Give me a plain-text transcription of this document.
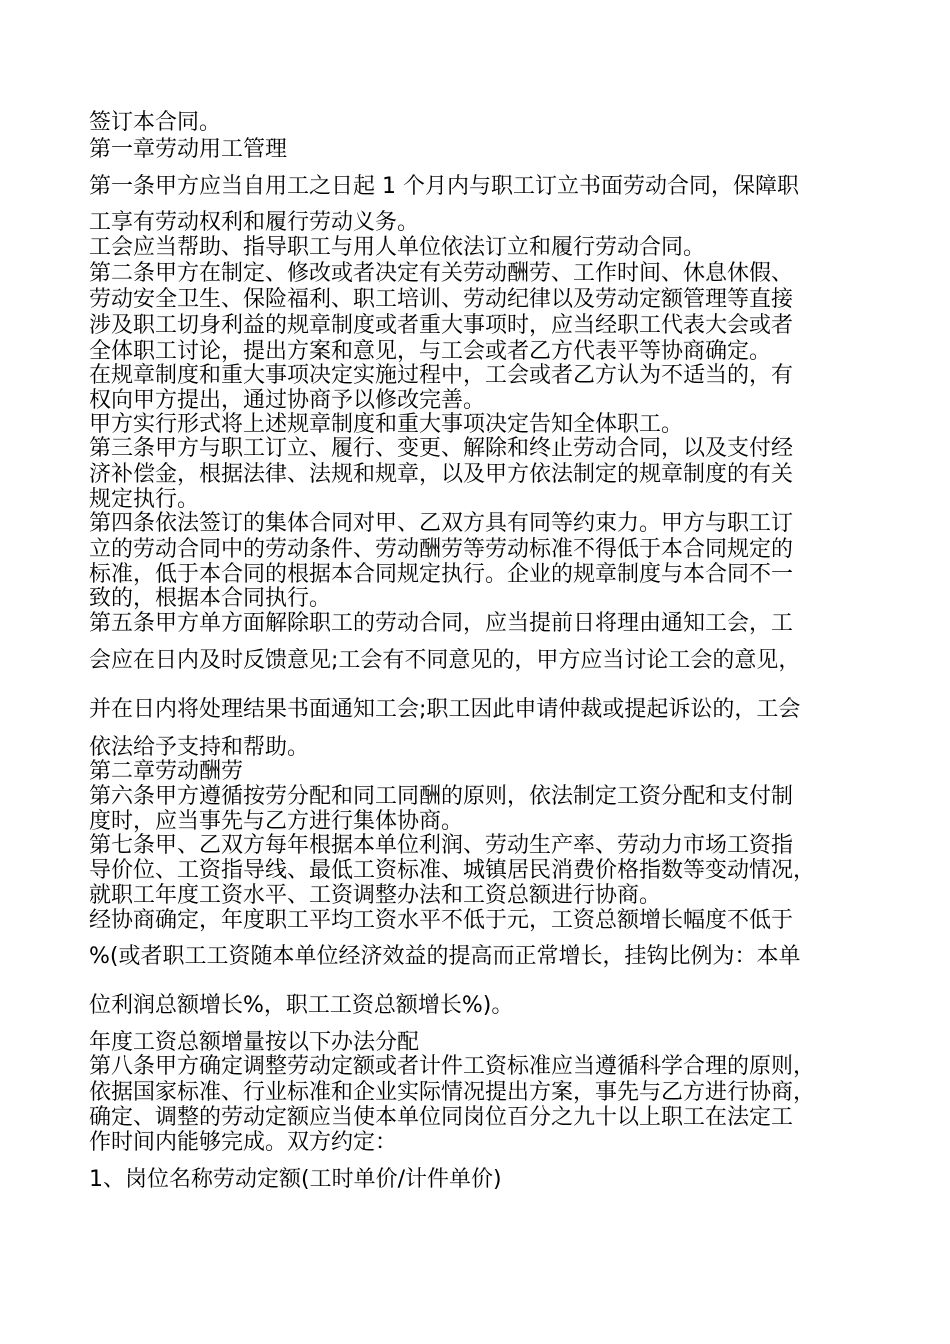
签订本合同。
第一章劳动用工管理
第一条甲方应当自用工之日起 1 个月内与职工订立书面劳动合同，保障职
工享有劳动权利和履行劳动义务。
工会应当帮助、指导职工与用人单位依法订立和履行劳动合同。
第二条甲方在制定、修改或者决定有关劳动酬劳、工作时间、休息休假、
劳动安全卫生、保险福利、职工培训、劳动纪律以及劳动定额管理等直接
涉及职工切身利益的规章制度或者重大事项时，应当经职工代表大会或者
全体职工讨论，提出方案和意见，与工会或者乙方代表平等协商确定。
在规章制度和重大事项决定实施过程中，工会或者乙方认为不适当的，有
权向甲方提出，通过协商予以修改完善。
甲方实行形式将上述规章制度和重大事项决定告知全体职工。
第三条甲方与职工订立、履行、变更、解除和终止劳动合同，以及支付经
济补偿金，根据法律、法规和规章，以及甲方依法制定的规章制度的有关
规定执行。
第四条依法签订的集体合同对甲、乙双方具有同等约束力。甲方与职工订
立的劳动合同中的劳动条件、劳动酬劳等劳动标准不得低于本合同规定的
标准，低于本合同的根据本合同规定执行。企业的规章制度与本合同不一
致的，根据本合同执行。
第五条甲方单方面解除职工的劳动合同，应当提前日将理由通知工会，工
会应在日内及时反馈意见;工会有不同意见的，甲方应当讨论工会的意见，
并在日内将处理结果书面通知工会;职工因此申请仲裁或提起诉讼的，工会
依法给予支持和帮助。
第二章劳动酬劳
第六条甲方遵循按劳分配和同工同酬的原则，依法制定工资分配和支付制
度时，应当事先与乙方进行集体协商。
第七条甲、乙双方每年根据本单位利润、劳动生产率、劳动力市场工资指
导价位、工资指导线、最低工资标准、城镇居民消费价格指数等变动情况，
就职工年度工资水平、工资调整办法和工资总额进行协商。
经协商确定，年度职工平均工资水平不低于元，工资总额增长幅度不低于
%(或者职工工资随本单位经济效益的提高而正常增长，挂钩比例为：本单
位利润总额增长%，职工工资总额增长%)。
年度工资总额增量按以下办法分配
第八条甲方确定调整劳动定额或者计件工资标准应当遵循科学合理的原则，
依据国家标准、行业标准和企业实际情况提出方案，事先与乙方进行协商，
确定、调整的劳动定额应当使本单位同岗位百分之九十以上职工在法定工
作时间内能够完成。双方约定：
1、岗位名称劳动定额(工时单价/计件单价)
